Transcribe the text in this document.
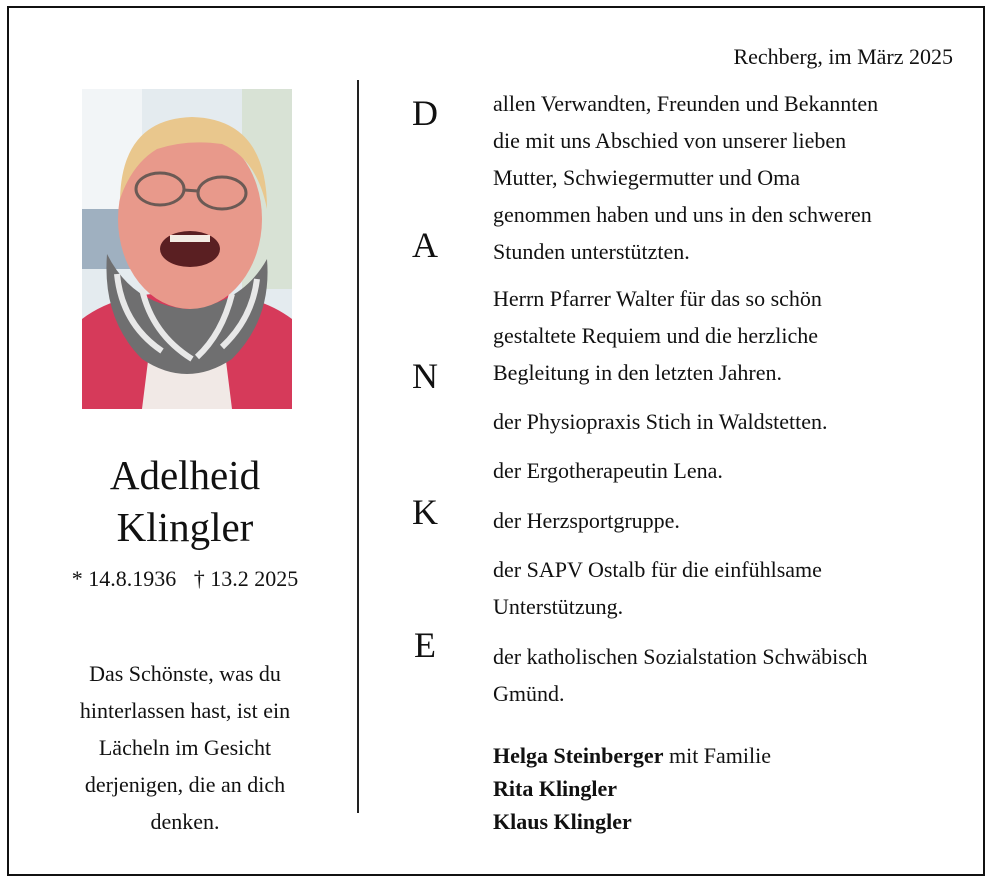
Adelheid
Klingler
* 14.8.1936 † 13.2 2025
Das Schönste, was du
hinterlassen hast, ist ein
Lächeln im Gesicht
derjenigen, die an dich
denken.
Rechberg, im März 2025
D
A
N
K
E
allen Verwandten, Freunden und Bekannten
die mit uns Abschied von unserer lieben
Mutter, Schwiegermutter und Oma
genommen haben und uns in den schweren
Stunden unterstützten.
Herrn Pfarrer Walter für das so schön
gestaltete Requiem und die herzliche
Begleitung in den letzten Jahren.
der Physiopraxis Stich in Waldstetten.
der Ergotherapeutin Lena.
der Herzsportgruppe.
der SAPV Ostalb für die einfühlsame
Unterstützung.
der katholischen Sozialstation Schwäbisch
Gmünd.
Helga Steinberger mit Familie
Rita Klingler
Klaus Klingler
